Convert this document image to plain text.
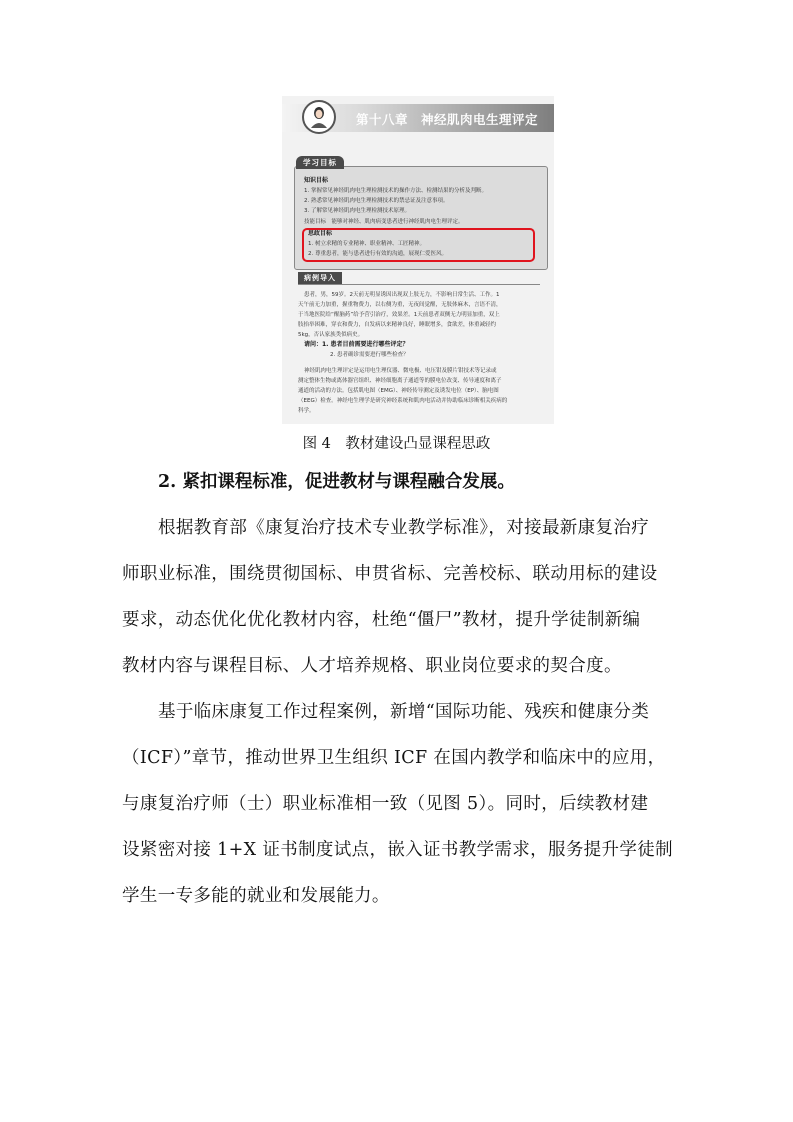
第十八章　神经肌肉电生理评定
学习目标
知识目标
1. 掌握常见神经肌肉电生理检测技术的操作方法、检测结果的分析及判断。
2. 熟悉常见神经肌肉电生理检测技术的禁忌证及注意事项。
3. 了解常见神经肌肉电生理检测技术原理。
技能目标　能够对神经、肌肉病变患者进行神经肌肉电生理评定。
思政目标
1. 树立求精的专业精神、职业精神、工匠精神。
2. 尊重患者，能与患者进行有效的沟通，展现仁爱医风。
病例导入
患者，男，59岁。2天前无明显诱因出现双上肢无力，不影响日常生活、工作。1
天午前无力加重，握重物费力，以右侧为重，无夜间觉醒，无肢体麻木，言语不清，
于当地医院给“醒脑药”给予营引治疗，效果差。1天前患者双侧无力明显加重，双上
肢抬举困难，穿衣和费力，自发病以来精神良好，睡眠增多，食欲差，体重减轻约
5kg，否认家族类似病史。
请问：1. 患者目前需要进行哪些评定？
2. 患者确诊需要进行哪些检查？
神经肌肉电生理评定是运用电生理仪器、微电极、电压钳及膜片钳技术等记录或
测定整体生物或离体器官组织、神经细胞离子通道等的膜电位改变、传导速度和离子
通道的活动的方法。包括肌电图（EMG）、神经传导测定及诱发电位（EP）、脑电图
（EEG）检查。神经电生理学是研究神经系统和肌肉电活动并协助临床诊断相关疾病的
科学。
图 4　教材建设凸显课程思政
2. 紧扣课程标准，促进教材与课程融合发展。
根据教育部《康复治疗技术专业教学标准》，对接最新康复治疗
师职业标准，围绕贯彻国标、申贯省标、完善校标、联动用标的建设
要求，动态优化优化教材内容，杜绝“僵尸”教材，提升学徒制新编
教材内容与课程目标、人才培养规格、职业岗位要求的契合度。
基于临床康复工作过程案例，新增“国际功能、残疾和健康分类
（ICF）”章节，推动世界卫生组织 ICF 在国内教学和临床中的应用，
与康复治疗师（士）职业标准相一致（见图 5）。同时，后续教材建
设紧密对接 1+X 证书制度试点，嵌入证书教学需求，服务提升学徒制
学生一专多能的就业和发展能力。
